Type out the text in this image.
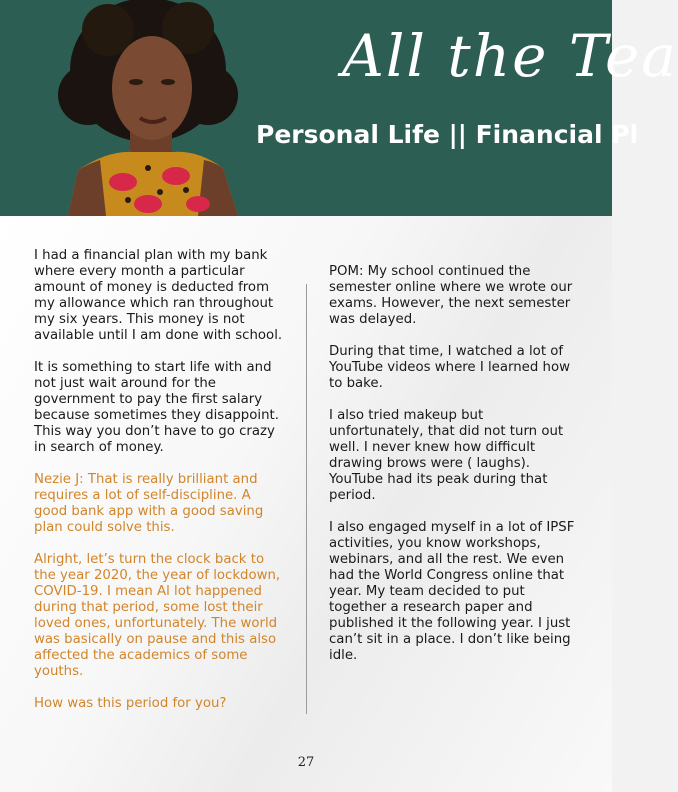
All the Tea
Personal Life || Financial Pl

I had a financial plan with my bank where every month a particular amount of money is deducted from my allowance which ran throughout my six years. This money is not available until I am done with school.

It is something to start life with and not just wait around for the government to pay the first salary because sometimes they disappoint. This way you don’t have to go crazy in search of money.

Nezie J: That is really brilliant and requires a lot of self-discipline. A good bank app with a good saving plan could solve this.

Alright, let’s turn the clock back to the year 2020, the year of lockdown, COVID-19. I mean Al lot happened during that period, some lost their loved ones, unfortunately. The world was basically on pause and this also affected the academics of some youths.

How was this period for you?

POM: My school continued the semester online where we wrote our exams. However, the next semester was delayed.

During that time, I watched a lot of YouTube videos where I learned how to bake.

I also tried makeup but unfortunately, that did not turn out well. I never knew how difficult drawing brows were ( laughs). YouTube had its peak during that period.

I also engaged myself in a lot of IPSF activities, you know workshops, webinars, and all the rest. We even had the World Congress online that year. My team decided to put together a research paper and published it the following year. I just can’t sit in a place. I don’t like being idle.

27
